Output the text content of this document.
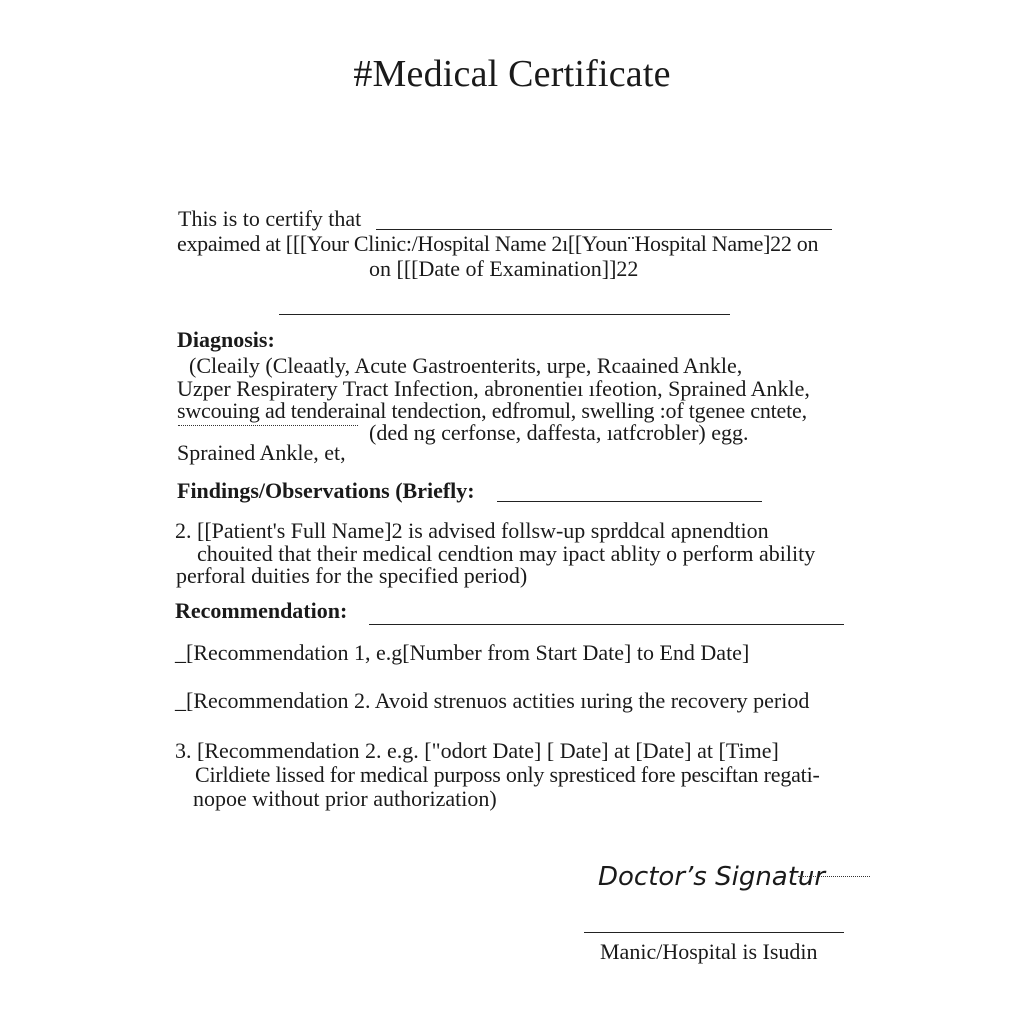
#Medical Certificate
This is to certify that
expaimed at [[[Your Clinic:/Hospital Name 2ı[[Youn¨Hospital Name]22 on
on [[[Date of Examination]]22
Diagnosis:
(Cleaily (Cleaatly, Acute Gastroenterits, urpe, Rcaained Ankle,
Uzper Respiratery Tract Infection, abronentieı ıfeotion, Sprained Ankle,
swcouing ad tenderainal tendection, edfromul, swelling :of tgenee cntete,
(ded ng cerfonse, daffesta, ıatfcrobler) egg.
Sprained Ankle, et,
Findings/Observations (Briefly:
2. [[Patient's Full Name]2 is advised follsw-up sprddcal apnendtion
chouited that their medical cendtion may ipact ablity o perform ability
perforal duities for the specified period)
Recommendation:
_[Recommendation 1, e.g[Number from Start Date] to End Date]
_[Recommendation 2. Avoid strenuos actities ıuring the recovery period
3. [Recommendation 2. e.g. ["odort Date] [ Date] at [Date] at [Time]
Cirldiete lissed for medical purposs only spresticed fore pesciftan regati-
nopoe without prior authorization)
Doctor’s Signatur
Manic/Hospital is Isudin
